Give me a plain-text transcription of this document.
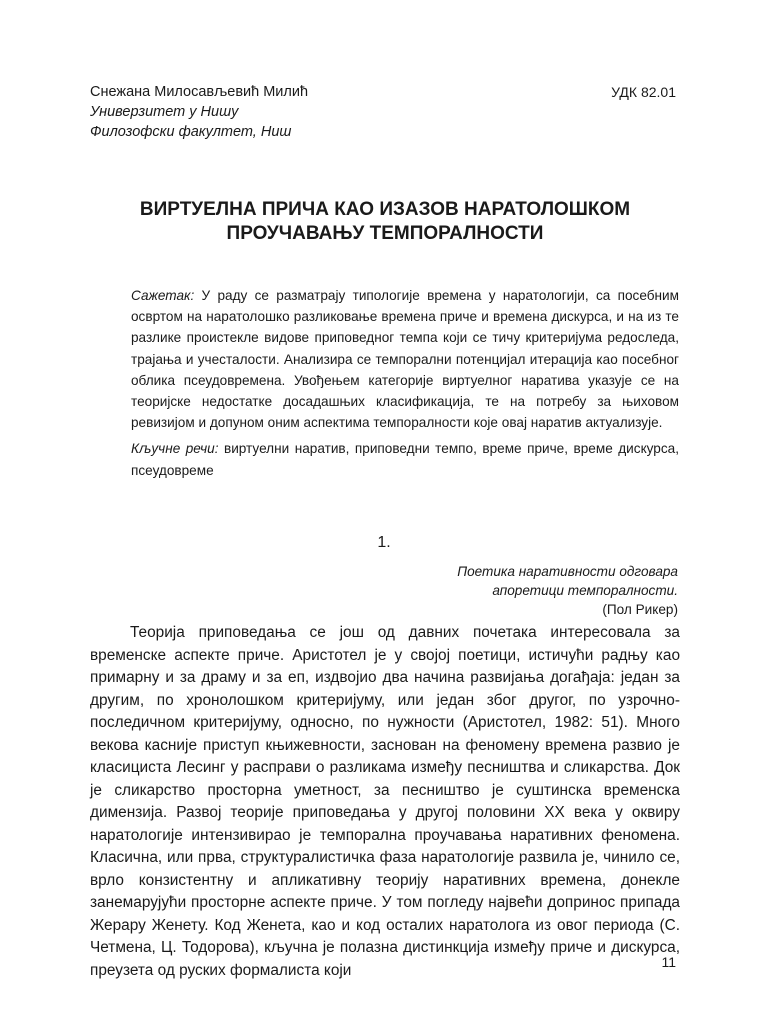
Снежана Милосављевић Милић
Универзитет у Нишу
Филозофски факултет, Ниш
УДК 82.01
ВИРТУЕЛНА ПРИЧА КАО ИЗАЗОВ НАРАТОЛОШКОМ
ПРОУЧАВАЊУ ТЕМПОРАЛНОСТИ

Сажетак: У раду се разматрају типологије времена у наратологији, са посебним освртом на наратолошко разликовање времена приче и времена дискурса, и на из те разлике проистекле видове приповедног темпа који се тичу критеријума редоследа, трајања и учесталости. Анализира се темпорални потенцијал итерација као посебног облика псеудовремена. Увођењем категорије виртуелног наратива указује се на теоријске недостатке досадашњих класификација, те на потребу за њиховом ревизијом и допуном оним аспектима темпоралности које овај наратив актуализује.

Кључне речи: виртуелни наратив, приповедни темпо, време приче, време дискурса, псеудовреме

1.
Поетика наративности одговара
апоретици темпоралности.
(Пол Рикер)

Теорија приповедања се још од давних почетака интересовала за временске аспекте приче. Аристотел је у својој поетици, истичући радњу као примарну и за драму и за еп, издвојио два начина развијања догађаја: један за другим, по хронолошком критеријуму, или један због другог, по узрочно-последичном критеријуму, односно, по нужности (Аристотел, 1982: 51). Много векова касније приступ књижевности, заснован на феномену времена развио је класициста Лесинг у расправи о разликама између песништва и сликарства. Док је сликарство просторна уметност, за песништво је суштинска временска димензија. Развој теорије приповедања у другој половини XX века у оквиру наратологије интензивирао је темпорална проучавања наративних феномена. Класична, или прва, структуралистичка фаза наратологије развила је, чинило се, врло конзистентну и апликативну теорију наративних времена, донекле занемарујући просторне аспекте приче. У том погледу највећи допринос припада Жерару Женету. Код Женета, као и код осталих наратолога из овог периода (С. Четмена, Ц. Тодорова), кључна је полазна дистинкција између приче и дискурса, преузета од руских формалиста који	11
